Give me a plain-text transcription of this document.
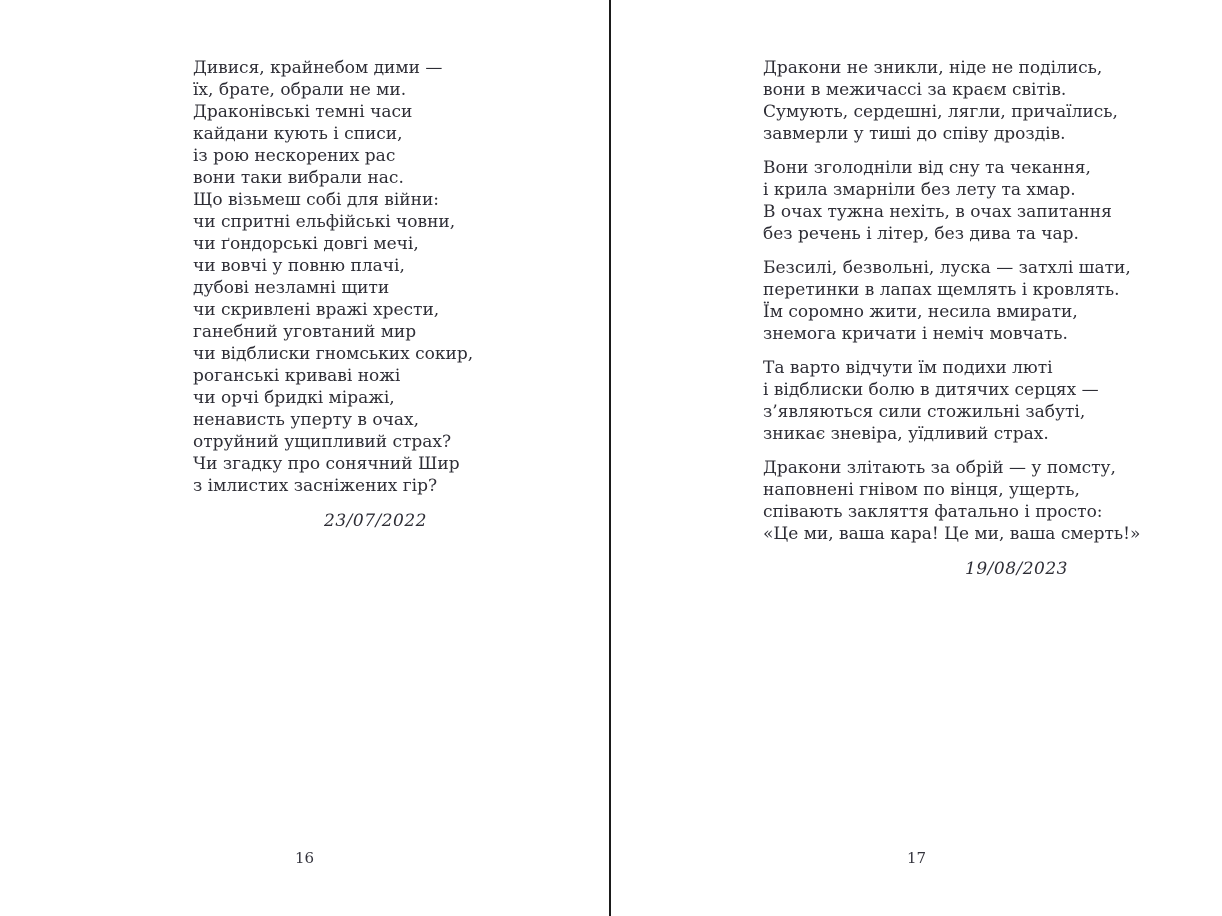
Дивися, крайнебом дими —
їх, брате, обрали не ми.
Драконівські темні часи
кайдани кують і списи,
із рою нескорених рас
вони таки вибрали нас.
Що візьмеш собі для війни:
чи спритні ельфійські човни,
чи ґондорські довгі мечі,
чи вовчі у повню плачі,
дубові незламні щити
чи скривлені вражі хрести,
ганебний уговтаний мир
чи відблиски гномських сокир,
роганські криваві ножі
чи орчі бридкі міражі,
ненависть уперту в очах,
отруйний ущипливий страх?
Чи згадку про сонячний Шир
з імлистих засніжених гір?
23/07/2022
16
Дракони не зникли, ніде не поділись,
вони в межичассі за краєм світів.
Сумують, сердешні, лягли, причаїлись,
завмерли у тиші до співу дроздів.
Вони зголодніли від сну та чекання,
і крила змарніли без лету та хмар.
В очах тужна нехіть, в очах запитання
без речень і літер, без дива та чар.
Безсилі, безвольні, луска — затхлі шати,
перетинки в лапах щемлять і кровлять.
Їм соромно жити, несила вмирати,
знемога кричати і неміч мовчать.
Та варто відчути їм подихи люті
і відблиски болю в дитячих серцях —
з’являються сили стожильні забуті,
зникає зневіра, уїдливий страх.
Дракони злітають за обрій — у помсту,
наповнені гнівом по вінця, ущерть,
співають закляття фатально і просто:
«Це ми, ваша кара! Це ми, ваша смерть!»
19/08/2023
17
